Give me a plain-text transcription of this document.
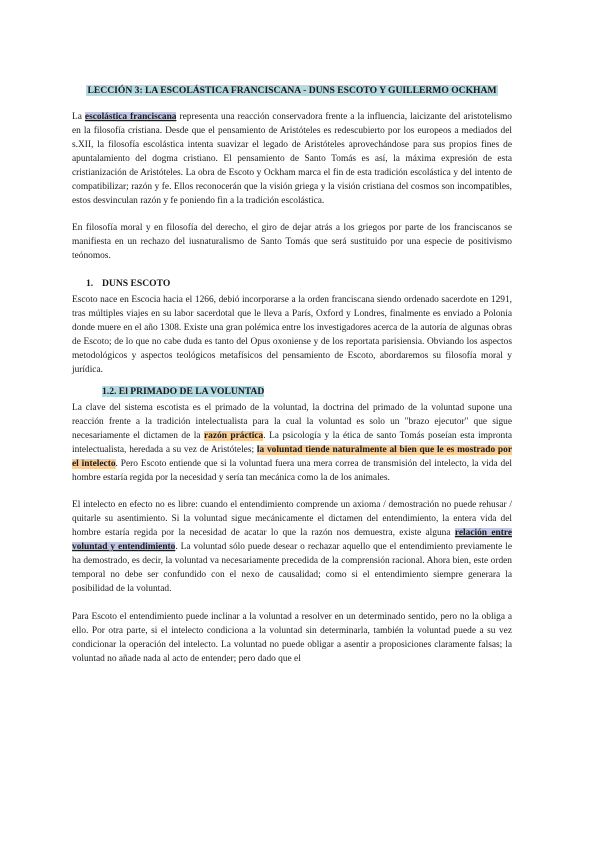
LECCIÓN 3: LA ESCOLÁSTICA FRANCISCANA - DUNS ESCOTO Y GUILLERMO OCKHAM

La escolástica franciscana representa una reacción conservadora frente a la influencia, laicizante del aristotelismo en la filosofía cristiana. Desde que el pensamiento de Aristóteles es redescubierto por los europeos a mediados del s.XII, la filosofía escolástica intenta suavizar el legado de Aristóteles aprovechándose para sus propios fines de apuntalamiento del dogma cristiano. El pensamiento de Santo Tomás es así, la máxima expresión de esta cristianización de Aristóteles. La obra de Escoto y Ockham marca el fin de esta tradición escolástica y del intento de compatibilizar; razón y fe. Ellos reconocerán que la visión griega y la visión cristiana del cosmos son incompatibles, estos desvinculan razón y fe poniendo fin a la tradición escolástica.

En filosofía moral y en filosofía del derecho, el giro de dejar atrás a los griegos por parte de los franciscanos se manifiesta en un rechazo del iusnaturalismo de Santo Tomás que será sustituido por una especie de positivismo teónomos.

1. DUNS ESCOTO

Escoto nace en Escocia hacia el 1266, debió incorporarse a la orden franciscana siendo ordenado sacerdote en 1291, tras múltiples viajes en su labor sacerdotal que le lleva a París, Oxford y Londres, finalmente es enviado a Polonia donde muere en el año 1308. Existe una gran polémica entre los investigadores acerca de la autoría de algunas obras de Escoto; de lo que no cabe duda es tanto del Opus oxoniense y de los reportata parisiensia. Obviando los aspectos metodológicos y aspectos teológicos metafísicos del pensamiento de Escoto, abordaremos su filosofía moral y jurídica.

1.2. El PRIMADO DE LA VOLUNTAD

La clave del sistema escotista es el primado de la voluntad, la doctrina del primado de la voluntad supone una reacción frente a la tradición intelectualista para la cual la voluntad es solo un "brazo ejecutor" que sigue necesariamente el dictamen de la razón práctica. La psicología y la ética de santo Tomás poseían esta impronta intelectualista, heredada a su vez de Aristóteles; la voluntad tiende naturalmente al bien que le es mostrado por el intelecto. Pero Escoto entiende que si la voluntad fuera una mera correa de transmisión del intelecto, la vida del hombre estaría regida por la necesidad y sería tan mecánica como la de los animales.

El intelecto en efecto no es libre: cuando el entendimiento comprende un axioma / demostración no puede rehusar / quitarle su asentimiento. Si la voluntad sigue mecánicamente el dictamen del entendimiento, la entera vida del hombre estaría regida por la necesidad de acatar lo que la razón nos demuestra, existe alguna relación entre voluntad y entendimiento. La voluntad sólo puede desear o rechazar aquello que el entendimiento previamente le ha demostrado, es decir, la voluntad va necesariamente precedida de la comprensión racional. Ahora bien, este orden temporal no debe ser confundido con el nexo de causalidad; como si el entendimiento siempre generara la posibilidad de la voluntad.

Para Escoto el entendimiento puede inclinar a la voluntad a resolver en un determinado sentido, pero no la obliga a ello. Por otra parte, si el intelecto condiciona a la voluntad sin determinarla, también la voluntad puede a su vez condicionar la operación del intelecto. La voluntad no puede obligar a asentir a proposiciones claramente falsas; la voluntad no añade nada al acto de entender; pero dado que el
